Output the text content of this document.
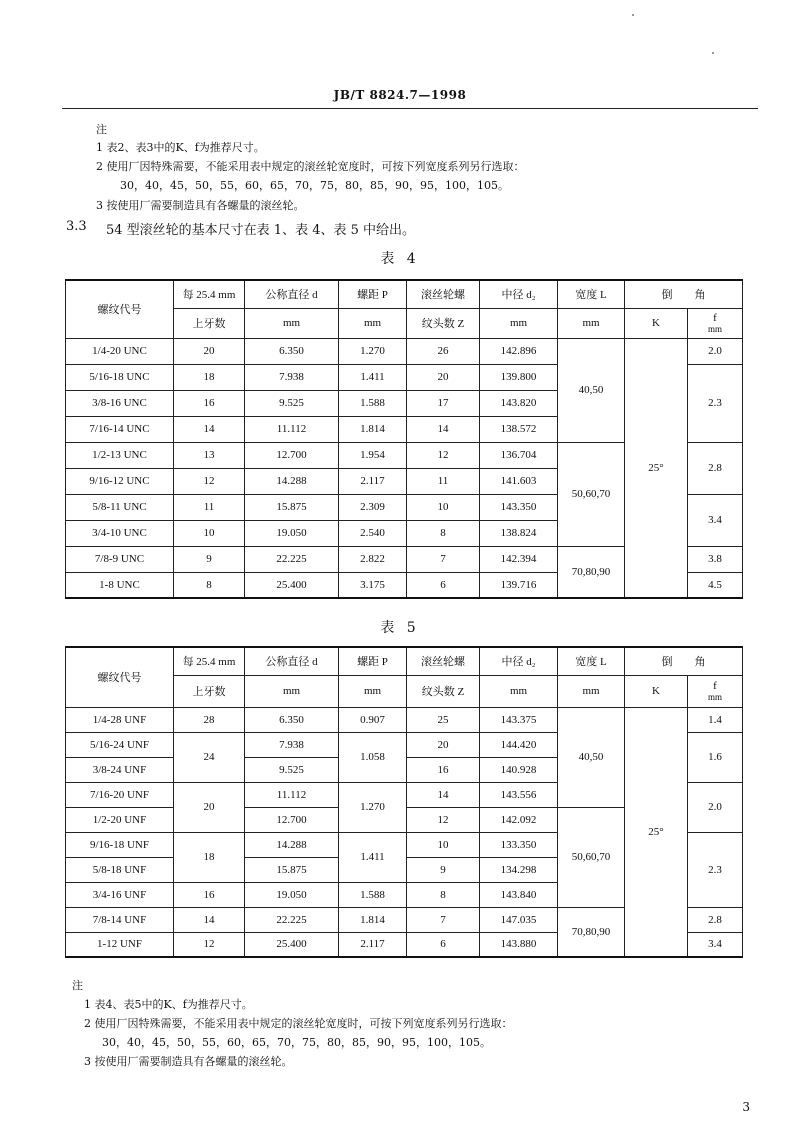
JB/T 8824.7—1998
注
1 表2、表3中的K、f为推荐尺寸。
2 使用厂因特殊需要，不能采用表中规定的滚丝轮宽度时，可按下列宽度系列另行选取：
30，40，45，50，55，60，65，70，75，80，85，90，95，100，105。
3 按使用厂需要制造具有各螺量的滚丝轮。
3.3 54 型滚丝轮的基本尺寸在表 1、表 4、表 5 中给出。
表 4
螺纹代号	每 25.4 mm	公称直径 d	螺距 P	滚丝轮螺	中径 d₂	宽度 L	倒　　角	
	上牙数	mm	mm	纹头数 Z	mm	mm	K	f
mm

1/4-20 UNC	20	6.350	1.270	26	142.896	40,50	25°	2.0
5/16-18 UNC	18	7.938	1.411	20	139.800			2.3
3/8-16 UNC	16	9.525	1.588	17	143.820			
7/16-14 UNC	14	11.112	1.814	14	138.572			
1/2-13 UNC	13	12.700	1.954	12	136.704	50,60,70		2.8
9/16-12 UNC	12	14.288	2.117	11	141.603			
5/8-11 UNC	11	15.875	2.309	10	143.350			3.4
3/4-10 UNC	10	19.050	2.540	8	138.824			
7/8-9 UNC	9	22.225	2.822	7	142.394	70,80,90		3.8
1-8 UNC	8	25.400	3.175	6	139.716			4.5
表 5
螺纹代号	每 25.4 mm	公称直径 d	螺距 P	滚丝轮螺	中径 d₂	宽度 L	倒　　角	
	上牙数	mm	mm	纹头数 Z	mm	mm	K	f
mm

1/4-28 UNF	28	6.350	0.907	25	143.375	40,50	25°	1.4
5/16-24 UNF	24	7.938	1.058	20	144.420			1.6
3/8-24 UNF		9.525		16	140.928			
7/16-20 UNF	20	11.112	1.270	14	143.556			2.0
1/2-20 UNF		12.700		12	142.092	50,60,70		
9/16-18 UNF	18	14.288	1.411	10	133.350			2.3
5/8-18 UNF		15.875		9	134.298			
3/4-16 UNF	16	19.050	1.588	8	143.840			
7/8-14 UNF	14	22.225	1.814	7	147.035	70,80,90		2.8
1-12 UNF	12	25.400	2.117	6	143.880			3.4
注
1 表4、表5中的K、f为推荐尺寸。
2 使用厂因特殊需要，不能采用表中规定的滚丝轮宽度时，可按下列宽度系列另行选取：
30，40，45，50，55，60，65，70，75，80，85，90，95，100，105。
3 按使用厂需要制造具有各螺量的滚丝轮。
3
